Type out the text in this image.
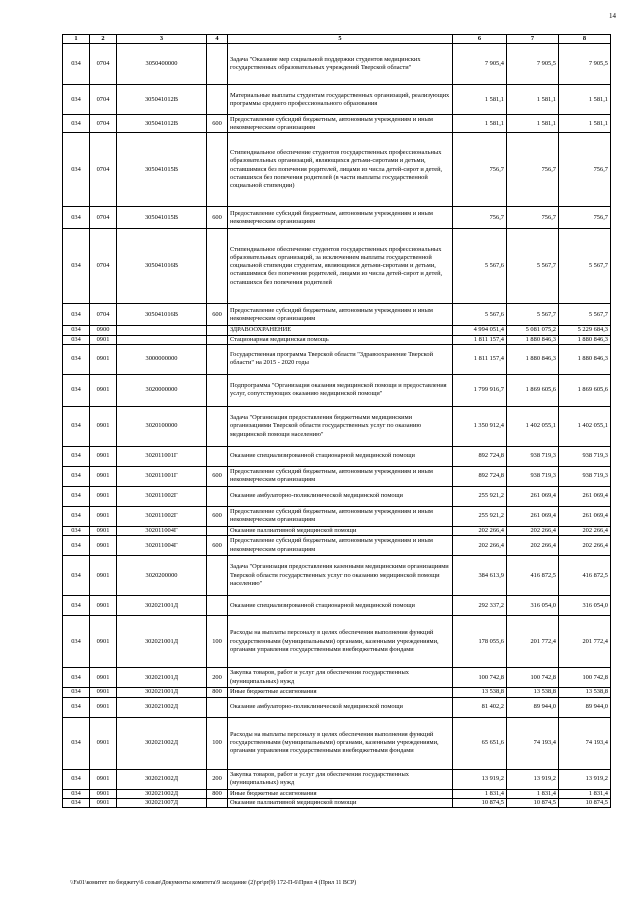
14
1	2	3	4	5	6	7	8
034	0704	3050400000		Задача "Оказание мер социальной поддержки студентов медицинских государственных образовательных учреждений Тверской области"	7 905,4	7 905,5	7 905,5
034	0704	305041012В		Материальные выплаты студентам государственных организаций, реализующих программы среднего профессионального образования	1 581,1	1 581,1	1 581,1
034	0704	305041012В	600	Предоставление субсидий бюджетным, автономным учреждениям и иным некоммерческим организациям	1 581,1	1 581,1	1 581,1
034	0704	305041015В		Стипендиальное обеспечение студентов государственных профессиональных образовательных организаций, являющихся детьми-сиротами и детьми, оставшимися без попечения родителей, лицами из числа детей-сирот и детей, оставшихся без попечения родителей (в части выплаты государственной социальной стипендии)	756,7	756,7	756,7
034	0704	305041015В	600	Предоставление субсидий бюджетным, автономным учреждениям и иным некоммерческим организациям	756,7	756,7	756,7
034	0704	305041016В		Стипендиальное обеспечение студентов государственных профессиональных образовательных организаций, за исключением выплаты государственной социальной стипендии студентам, являющимся детьми-сиротами и детьми, оставшимися без попечения родителей, лицами из числа детей-сирот и детей, оставшихся без попечения родителей	5 567,6	5 567,7	5 567,7
034	0704	305041016В	600	Предоставление субсидий бюджетным, автономным учреждениям и иным некоммерческим организациям	5 567,6	5 567,7	5 567,7
034	0900			ЗДРАВООХРАНЕНИЕ	4 994 051,4	5 081 075,2	5 229 684,3
034	0901			Стационарная медицинская помощь	1 811 157,4	1 880 846,3	1 880 846,3
034	0901	3000000000		Государственная программа Тверской области "Здравоохранение Тверской области" на 2015 - 2020 годы	1 811 157,4	1 880 846,3	1 880 846,3
034	0901	3020000000		Подпрограмма "Организация оказания медицинской помощи и предоставления услуг, сопутствующих оказанию медицинской помощи"	1 799 916,7	1 869 605,6	1 869 605,6
034	0901	3020100000		Задача "Организация предоставления бюджетными медицинскими организациями Тверской области государственных услуг по оказанию медицинской помощи населению"	1 350 912,4	1 402 055,1	1 402 055,1
034	0901	302011001Г		Оказание специализированной стационарной медицинской помощи	892 724,8	938 719,3	938 719,3
034	0901	302011001Г	600	Предоставление субсидий бюджетным, автономным учреждениям и иным некоммерческим организациям	892 724,8	938 719,3	938 719,3
034	0901	302011002Г		Оказание амбулаторно-поликлинической медицинской помощи	255 921,2	261 069,4	261 069,4
034	0901	302011002Г	600	Предоставление субсидий бюджетным, автономным учреждениям и иным некоммерческим организациям	255 921,2	261 069,4	261 069,4
034	0901	302011004Г		Оказание паллиативной медицинской помощи	202 266,4	202 266,4	202 266,4
034	0901	302011004Г	600	Предоставление субсидий бюджетным, автономным учреждениям и иным некоммерческим организациям	202 266,4	202 266,4	202 266,4
034	0901	3020200000		Задача "Организация предоставления казенными медицинскими организациями Тверской области государственных услуг по оказанию медицинской помощи населению"	384 613,9	416 872,5	416 872,5
034	0901	302021001Д		Оказание специализированной стационарной медицинской помощи	292 337,2	316 054,0	316 054,0
034	0901	302021001Д	100	Расходы на выплаты персоналу в целях обеспечения выполнения функций государственными (муниципальными) органами, казенными учреждениями, органами управления государственными внебюджетными фондами	178 055,6	201 772,4	201 772,4
034	0901	302021001Д	200	Закупка товаров, работ и услуг для обеспечения государственных (муниципальных) нужд	100 742,8	100 742,8	100 742,8
034	0901	302021001Д	800	Иные бюджетные ассигнования	13 538,8	13 538,8	13 538,8
034	0901	302021002Д		Оказание амбулаторно-поликлинической медицинской помощи	81 402,2	89 944,0	89 944,0
034	0901	302021002Д	100	Расходы на выплаты персоналу в целях обеспечения выполнения функций государственными (муниципальными) органами, казенными учреждениями, органами управления государственными внебюджетными фондами	65 651,6	74 193,4	74 193,4
034	0901	302021002Д	200	Закупка товаров, работ и услуг для обеспечения государственных (муниципальных) нужд	13 919,2	13 919,2	13 919,2
034	0901	302021002Д	800	Иные бюджетные ассигнования	1 831,4	1 831,4	1 831,4
034	0901	302021007Д		Оказание паллиативной медицинской помощи	10 874,5	10 874,5	10 874,5
\\Fs01\комитет по бюджету\6 созыв\Документы комитета\9 заседание (2)\pr\pr(9) 172-П-6\Прил 4 (Прил 11 ВСР)
